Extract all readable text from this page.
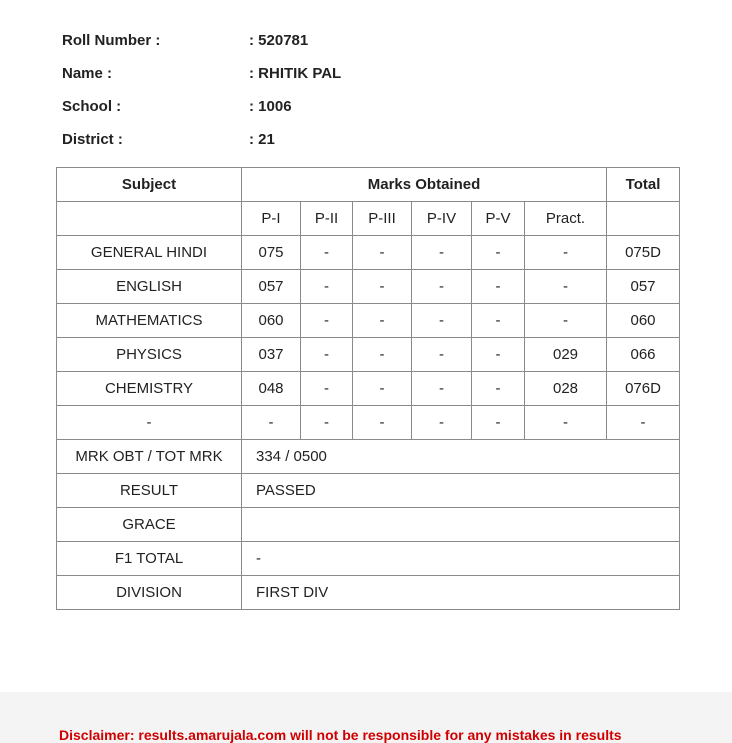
Roll Number :	: 520781
Name :	: RHITIK PAL
School :	: 1006
District :	: 21
Subject	Marks Obtained						Total
	P-I	P-II	P-III	P-IV	P-V	Pract.	
GENERAL HINDI	075	-	-	-	-	-	075D
ENGLISH	057	-	-	-	-	-	057
MATHEMATICS	060	-	-	-	-	-	060
PHYSICS	037	-	-	-	-	029	066
CHEMISTRY	048	-	-	-	-	028	076D
-	-	-	-	-	-	-	-
MRK OBT / TOT MRK	334 / 0500						
RESULT	PASSED						
GRACE							
F1 TOTAL	-						
DIVISION	FIRST DIV						
Disclaimer: results.amarujala.com will not be responsible for any mistakes in results
